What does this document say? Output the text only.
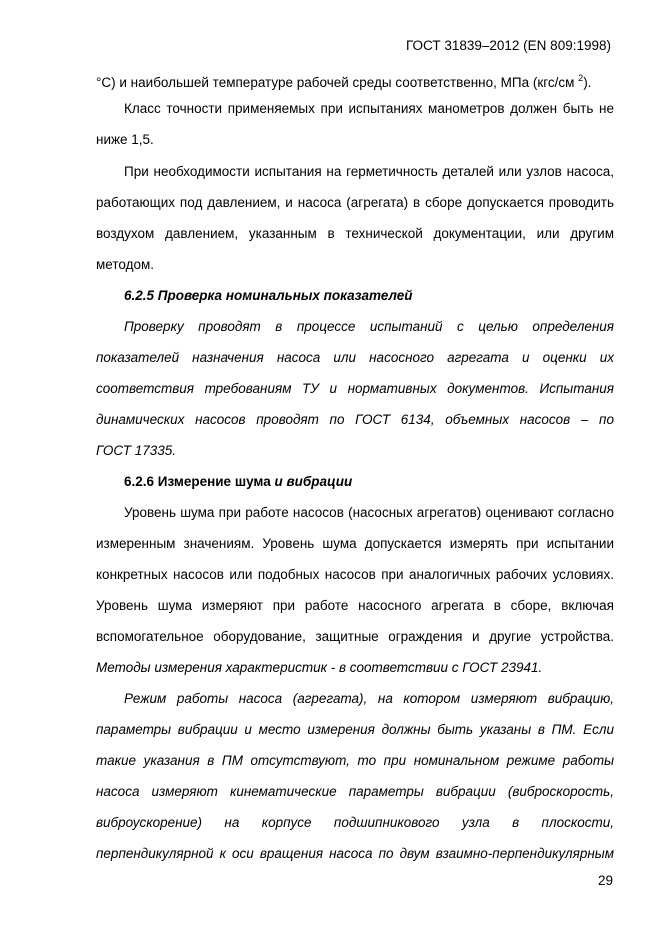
ГОСТ 31839–2012 (EN 809:1998)
°С) и наибольшей температуре рабочей среды соответственно, МПа (кгс/см $^2$).
Класс точности применяемых при испытаниях манометров должен быть не
ниже 1,5.
При необходимости испытания на герметичность деталей или узлов насоса,
работающих под давлением, и насоса (агрегата) в сборе допускается проводить
воздухом давлением, указанным в технической документации, или другим
методом.
6.2.5 Проверка номинальных показателей
Проверку проводят в процессе испытаний с целью определения
показателей назначения насоса или насосного агрегата и оценки их
соответствия требованиям ТУ и нормативных документов. Испытания
динамических насосов проводят по ГОСТ 6134, объемных насосов – по
ГОСТ 17335.
6.2.6 Измерение шума и вибрации
Уровень шума при работе насосов (насосных агрегатов) оценивают согласно
измеренным значениям. Уровень шума допускается измерять при испытании
конкретных насосов или подобных насосов при аналогичных рабочих условиях.
Уровень шума измеряют при работе насосного агрегата в сборе, включая
вспомогательное оборудование, защитные ограждения и другие устройства.
Методы измерения характеристик - в соответствии с ГОСТ 23941.
Режим работы насоса (агрегата), на котором измеряют вибрацию,
параметры вибрации и место измерения должны быть указаны в ПМ. Если
такие указания в ПМ отсутствуют, то при номинальном режиме работы
насоса измеряют кинематические параметры вибрации (виброскорость,
виброускорение) на корпусе подшипникового узла в плоскости,
перпендикулярной к оси вращения насоса по двум взаимно-перпендикулярным
29
